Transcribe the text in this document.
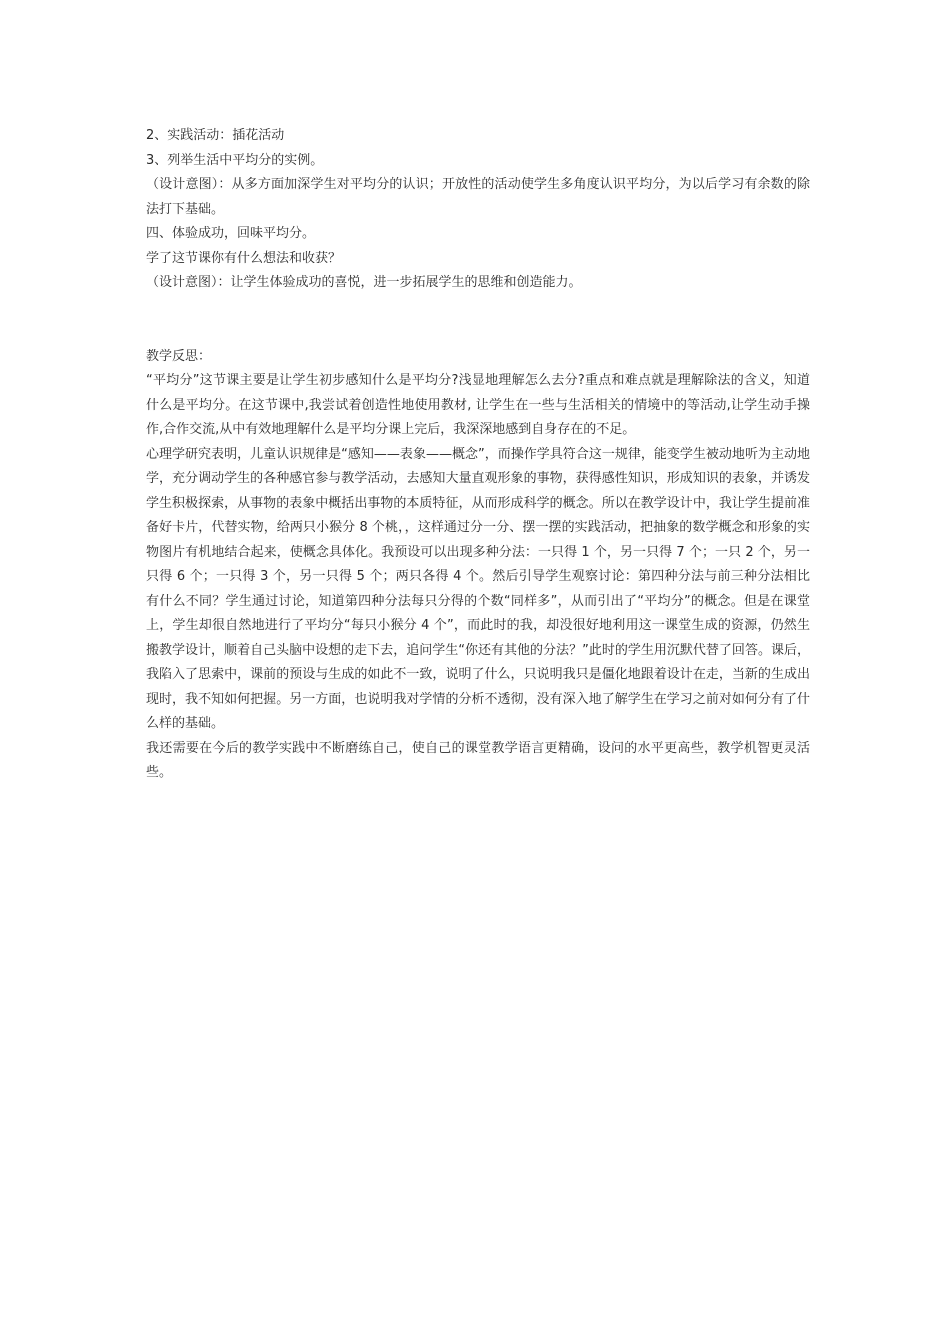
2、实践活动：插花活动

3、列举生活中平均分的实例。

（设计意图）：从多方面加深学生对平均分的认识；开放性的活动使学生多角度认识平均分，为以后学习有余数的除法打下基础。

四、体验成功，回味平均分。

学了这节课你有什么想法和收获？

（设计意图）：让学生体验成功的喜悦，进一步拓展学生的思维和创造能力。

教学反思：

“平均分”这节课主要是让学生初步感知什么是平均分?浅显地理解怎么去分?重点和难点就是理解除法的含义，知道什么是平均分。在这节课中,我尝试着创造性地使用教材, 让学生在一些与生活相关的情境中的等活动,让学生动手操作,合作交流,从中有效地理解什么是平均分课上完后，我深深地感到自身存在的不足。

心理学研究表明，儿童认识规律是“感知——表象——概念”，而操作学具符合这一规律，能变学生被动地听为主动地学，充分调动学生的各种感官参与教学活动，去感知大量直观形象的事物，获得感性知识，形成知识的表象，并诱发学生积极探索，从事物的表象中概括出事物的本质特征，从而形成科学的概念。所以在教学设计中，我让学生提前准备好卡片，代替实物，给两只小猴分 8 个桃，，这样通过分一分、摆一摆的实践活动，把抽象的数学概念和形象的实物图片有机地结合起来，使概念具体化。我预设可以出现多种分法：一只得 1 个，另一只得 7 个；一只 2 个，另一只得 6 个；一只得 3 个，另一只得 5 个；两只各得 4 个。然后引导学生观察讨论：第四种分法与前三种分法相比有什么不同？学生通过讨论，知道第四种分法每只分得的个数“同样多”，从而引出了“平均分”的概念。但是在课堂上，学生却很自然地进行了平均分“每只小猴分 4 个”，而此时的我，却没很好地利用这一课堂生成的资源，仍然生搬教学设计，顺着自己头脑中设想的走下去，追问学生“你还有其他的分法？”此时的学生用沉默代替了回答。课后，我陷入了思索中，课前的预设与生成的如此不一致，说明了什么，只说明我只是僵化地跟着设计在走，当新的生成出现时，我不知如何把握。另一方面，也说明我对学情的分析不透彻，没有深入地了解学生在学习之前对如何分有了什么样的基础。

我还需要在今后的教学实践中不断磨练自己，使自己的课堂教学语言更精确，设问的水平更高些，教学机智更灵活些。
